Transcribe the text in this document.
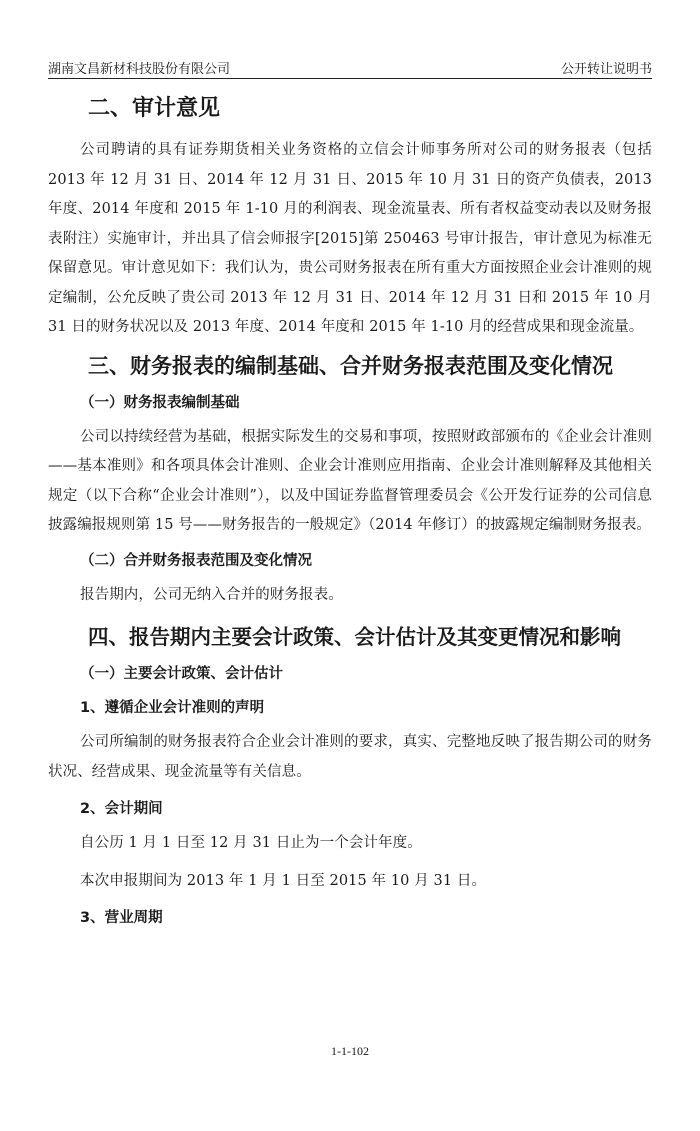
湖南文昌新材科技股份有限公司	公开转让说明书
二、审计意见

公司聘请的具有证券期货相关业务资格的立信会计师事务所对公司的财务报表（包括 2013 年 12 月 31 日、2014 年 12 月 31 日、2015 年 10 月 31 日的资产负债表，2013 年度、2014 年度和 2015 年 1-10 月的利润表、现金流量表、所有者权益变动表以及财务报表附注）实施审计，并出具了信会师报字[2015]第 250463 号审计报告，审计意见为标准无保留意见。审计意见如下：我们认为，贵公司财务报表在所有重大方面按照企业会计准则的规定编制，公允反映了贵公司 2013 年 12 月 31 日、2014 年 12 月 31 日和 2015 年 10 月 31 日的财务状况以及 2013 年度、2014 年度和 2015 年 1-10 月的经营成果和现金流量。

三、财务报表的编制基础、合并财务报表范围及变化情况
（一）财务报表编制基础

公司以持续经营为基础，根据实际发生的交易和事项，按照财政部颁布的《企业会计准则——基本准则》和各项具体会计准则、企业会计准则应用指南、企业会计准则解释及其他相关规定（以下合称“企业会计准则”），以及中国证券监督管理委员会《公开发行证券的公司信息披露编报规则第 15 号——财务报告的一般规定》（2014 年修订）的披露规定编制财务报表。

（二）合并财务报表范围及变化情况

报告期内，公司无纳入合并的财务报表。

四、报告期内主要会计政策、会计估计及其变更情况和影响
（一）主要会计政策、会计估计
1、遵循企业会计准则的声明

公司所编制的财务报表符合企业会计准则的要求，真实、完整地反映了报告期公司的财务状况、经营成果、现金流量等有关信息。

2、会计期间

自公历 1 月 1 日至 12 月 31 日止为一个会计年度。

本次申报期间为 2013 年 1 月 1 日至 2015 年 10 月 31 日。

3、营业周期
1-1-102
